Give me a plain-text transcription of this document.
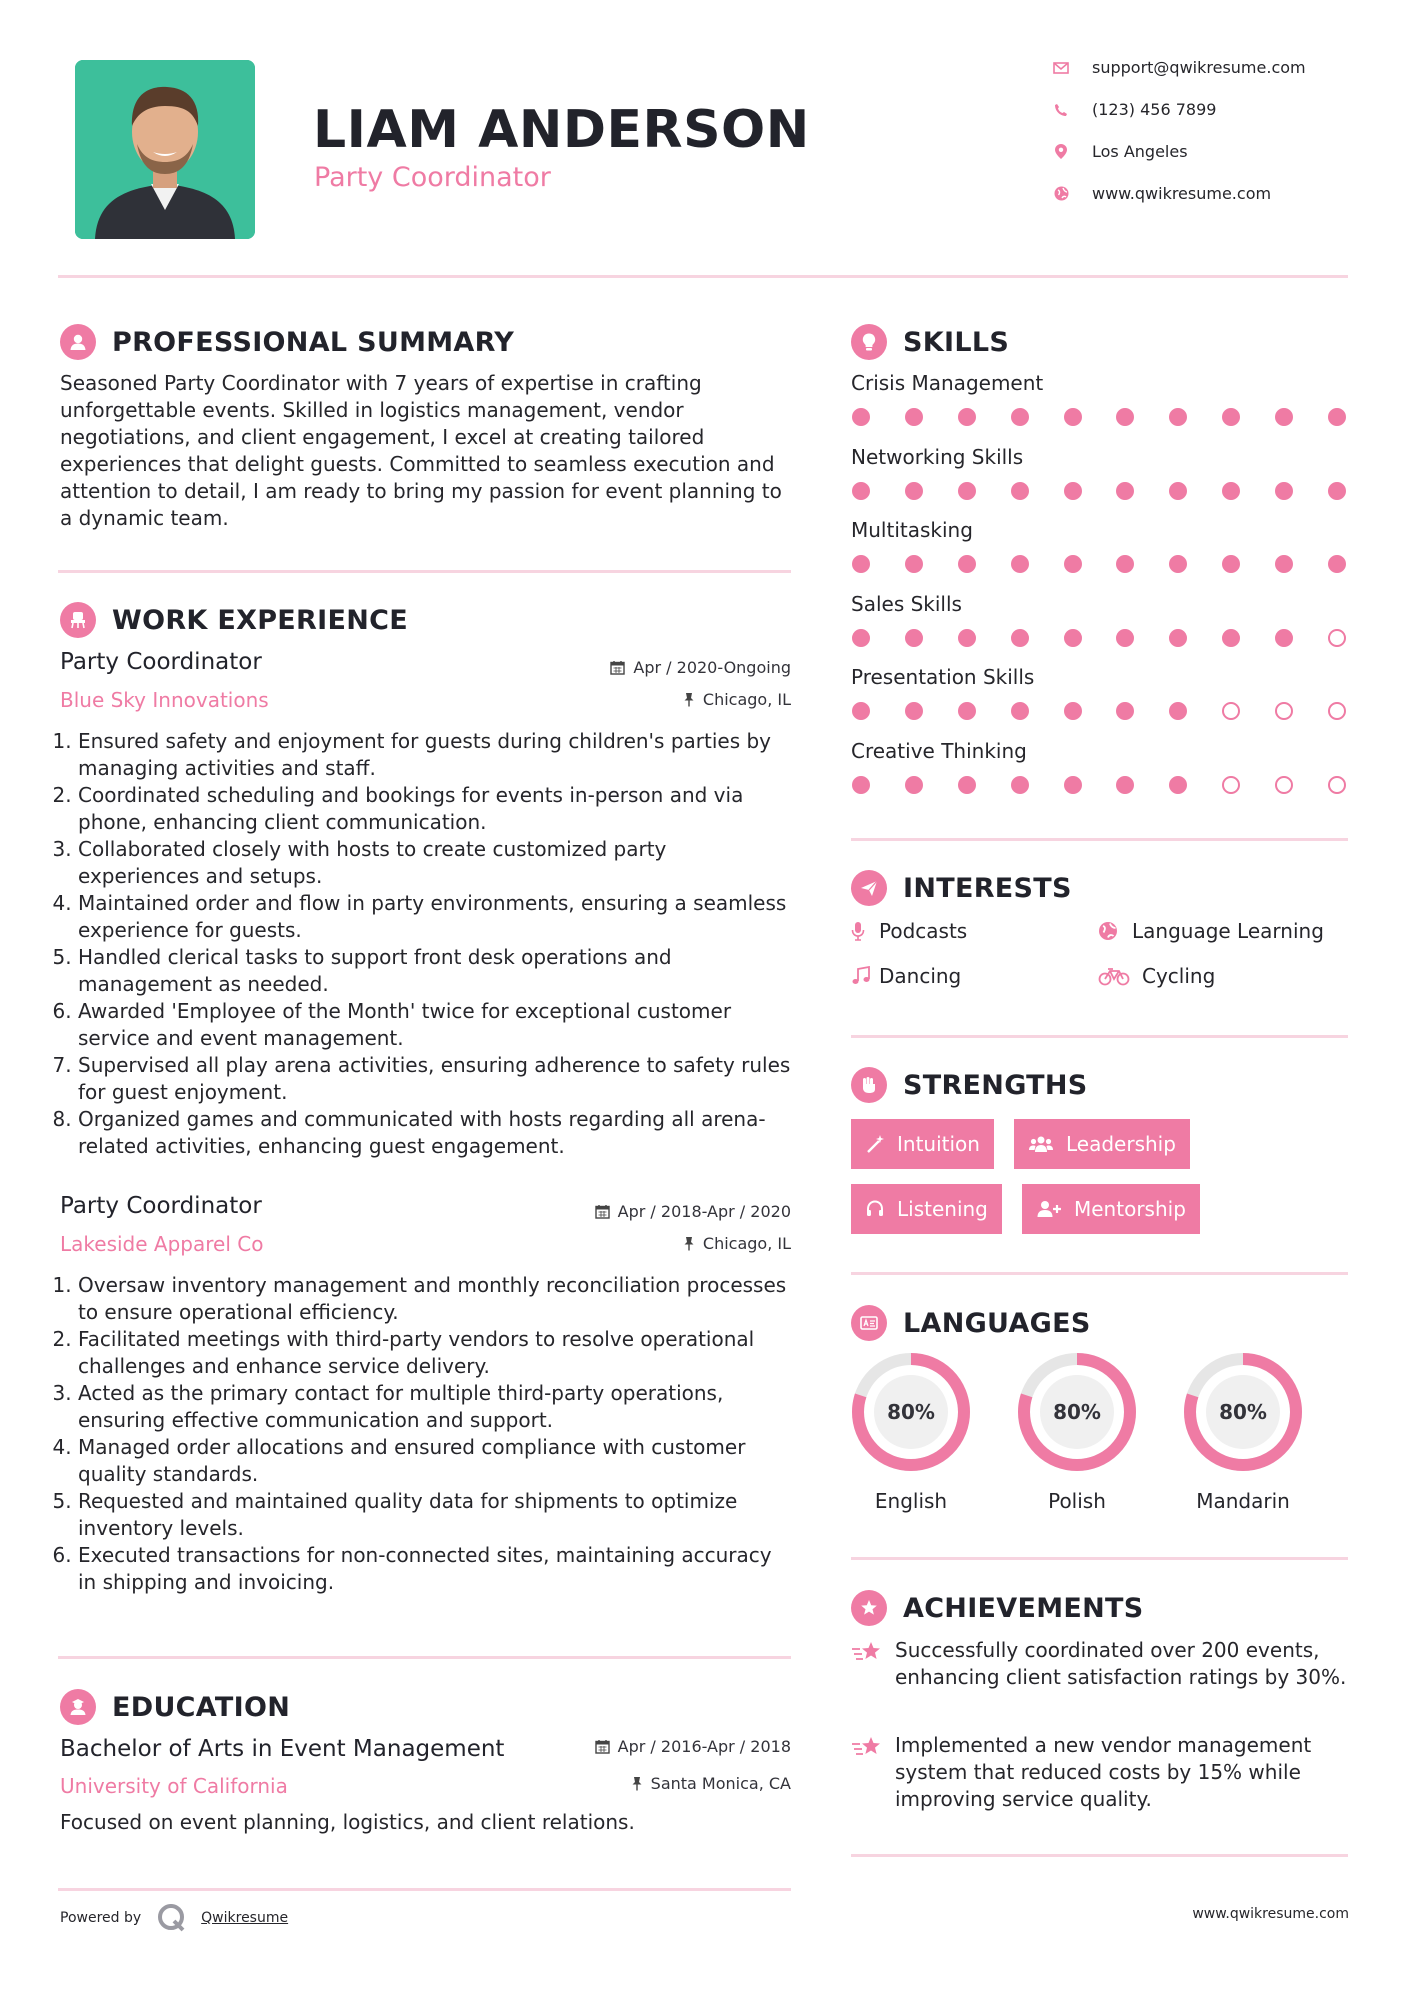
LIAM ANDERSON
Party Coordinator
support@qwikresume.com
(123) 456 7899
Los Angeles
www.qwikresume.com
PROFESSIONAL SUMMARY
Seasoned Party Coordinator with 7 years of expertise in crafting unforgettable events. Skilled in logistics management, vendor negotiations, and client engagement, I excel at creating tailored experiences that delight guests. Committed to seamless execution and attention to detail, I am ready to bring my passion for event planning to a dynamic team.
WORK EXPERIENCE
Party Coordinator	Apr / 2020-Ongoing
Blue Sky Innovations	Chicago, IL
1. Ensured safety and enjoyment for guests during children's parties by managing activities and staff.
2. Coordinated scheduling and bookings for events in-person and via phone, enhancing client communication.
3. Collaborated closely with hosts to create customized party experiences and setups.
4. Maintained order and flow in party environments, ensuring a seamless experience for guests.
5. Handled clerical tasks to support front desk operations and management as needed.
6. Awarded 'Employee of the Month' twice for exceptional customer service and event management.
7. Supervised all play arena activities, ensuring adherence to safety rules for guest enjoyment.
8. Organized games and communicated with hosts regarding all arena-related activities, enhancing guest engagement.
Party Coordinator	Apr / 2018-Apr / 2020
Lakeside Apparel Co	Chicago, IL
1. Oversaw inventory management and monthly reconciliation processes to ensure operational efficiency.
2. Facilitated meetings with third-party vendors to resolve operational challenges and enhance service delivery.
3. Acted as the primary contact for multiple third-party operations, ensuring effective communication and support.
4. Managed order allocations and ensured compliance with customer quality standards.
5. Requested and maintained quality data for shipments to optimize inventory levels.
6. Executed transactions for non-connected sites, maintaining accuracy in shipping and invoicing.
EDUCATION
Bachelor of Arts in Event Management	Apr / 2016-Apr / 2018
University of California	Santa Monica, CA
Focused on event planning, logistics, and client relations.
Powered by	Qwikresume	www.qwikresume.com
SKILLS
Crisis Management
Networking Skills
Multitasking
Sales Skills
Presentation Skills
Creative Thinking
INTERESTS
Podcasts	Language Learning
Dancing	Cycling
STRENGTHS
Intuition	Leadership
Listening	Mentorship
LANGUAGES
80%
English
80%
Polish
80%
Mandarin
ACHIEVEMENTS
Successfully coordinated over 200 events, enhancing client satisfaction ratings by 30%.
Implemented a new vendor management system that reduced costs by 15% while improving service quality.
